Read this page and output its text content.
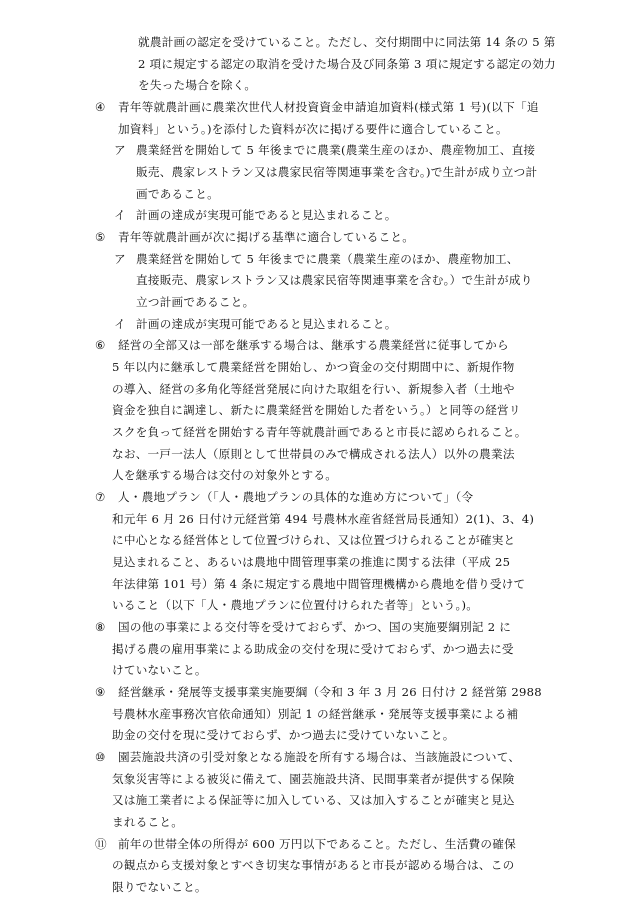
就農計画の認定を受けていること。ただし、交付期間中に同法第 14 条の 5 第
2 項に規定する認定の取消を受けた場合及び同条第 3 項に規定する認定の効力
を失った場合を除く。
④ 青年等就農計画に農業次世代人材投資資金申請追加資料(様式第 1 号)(以下「追
加資料」という。)を添付した資料が次に掲げる要件に適合していること。
ア 農業経営を開始して 5 年後までに農業(農業生産のほか、農産物加工、直接
販売、農家レストラン又は農家民宿等関連事業を含む。)で生計が成り立つ計
画であること。
イ 計画の達成が実現可能であると見込まれること。
⑤ 青年等就農計画が次に掲げる基準に適合していること。
ア 農業経営を開始して 5 年後までに農業（農業生産のほか、農産物加工、
直接販売、農家レストラン又は農家民宿等関連事業を含む。）で生計が成り
立つ計画であること。
イ 計画の達成が実現可能であると見込まれること。
⑥ 経営の全部又は一部を継承する場合は、継承する農業経営に従事してから
5 年以内に継承して農業経営を開始し、かつ資金の交付期間中に、新規作物
の導入、経営の多角化等経営発展に向けた取組を行い、新規参入者（土地や
資金を独自に調達し、新たに農業経営を開始した者をいう。）と同等の経営リ
スクを負って経営を開始する青年等就農計画であると市長に認められること。
なお、一戸一法人（原則として世帯員のみで構成される法人）以外の農業法
人を継承する場合は交付の対象外とする。
⑦ 人・農地プラン（「人・農地プランの具体的な進め方について」（令
和元年 6 月 26 日付け元経営第 494 号農林水産省経営局長通知）2(1)、3、4)
に中心となる経営体として位置づけられ、又は位置づけられることが確実と
見込まれること、あるいは農地中間管理事業の推進に関する法律（平成 25
年法律第 101 号）第 4 条に規定する農地中間管理機構から農地を借り受けて
いること（以下「人・農地プランに位置付けられた者等」という。)。
⑧ 国の他の事業による交付等を受けておらず、かつ、国の実施要綱別記 2 に
掲げる農の雇用事業による助成金の交付を現に受けておらず、かつ過去に受
けていないこと。
⑨ 経営継承・発展等支援事業実施要綱（令和 3 年 3 月 26 日付け 2 経営第 2988
号農林水産事務次官依命通知）別記 1 の経営継承・発展等支援事業による補
助金の交付を現に受けておらず、かつ過去に受けていないこと。
⑩ 園芸施設共済の引受対象となる施設を所有する場合は、当該施設について、
気象災害等による被災に備えて、園芸施設共済、民間事業者が提供する保険
又は施工業者による保証等に加入している、又は加入することが確実と見込
まれること。
⑪ 前年の世帯全体の所得が 600 万円以下であること。ただし、生活費の確保
の観点から支援対象とすべき切実な事情があると市長が認める場合は、この
限りでないこと。
